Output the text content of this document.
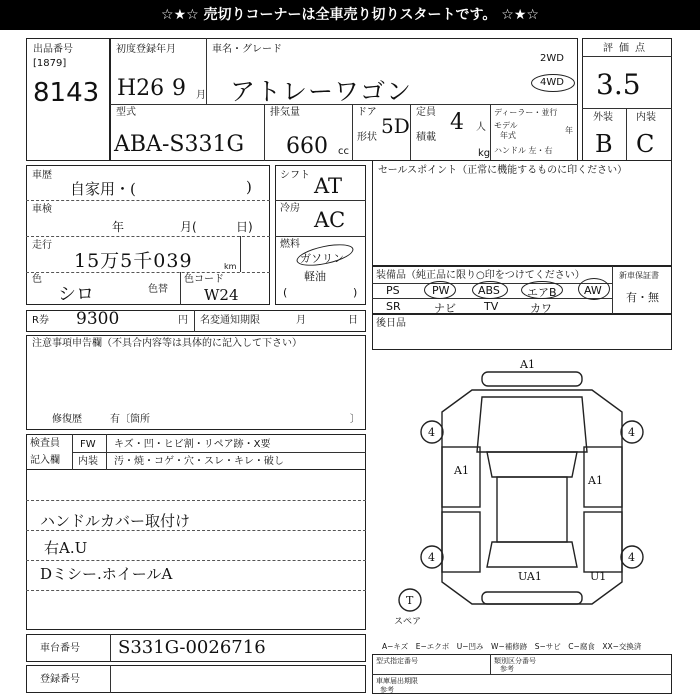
☆★☆ 売切りコーナーは全車売り切りスタートです。 ☆★☆
出品番号
[1879]
8143
初度登録年月
H26 9 月
車名・グレード
アトレーワゴン
2WD
4WD
型式
ABA-S331G
排気量
660 cc
ドア
形状 5D
定員
積載
4 人
kg
ディーラー・並行
モデル
年式
年
ハンドル 左・右
評価点
3.5
外装 内装
B C
車歴
自家用・(	)
車検
年	月(	日)
走行
15万5千039	km
色
シロ	色替
色コード
W24
シフト AT
冷房 AC
燃料
ガソリン
軽油
(	)
セールスポイント（正常に機能するものに印ください）
装備品（純正品に限り○印をつけてください）	新車保証書
有・無
PS	PW	ABS エアB AW
SR	ナビ	TV	カワ
R券 9300	円 名変通知期限	月	日 後日品
注意事項申告欄（不具合内容等は具体的に記入して下さい）
修復歴	有〔箇所	〕
検査員
記入欄
FW キズ・凹・ヒビ割・リペア跡・X要
内装 汚・焼・コゲ・穴・スレ・キレ・破し
ハンドルカバー取付け
右A.U
Dミシー.ホイールA
A1
4	4
A1
A1
4	4
UA1	U1
T
スペア
A−キズ　E−エクボ　U−凹み　W−補修跡　S−サビ　C−腐食　XX−交換済
車台番号 S331G-0026716
登録番号
型式指定番号	類別区分番号
参考
車庫届出期限
参考
